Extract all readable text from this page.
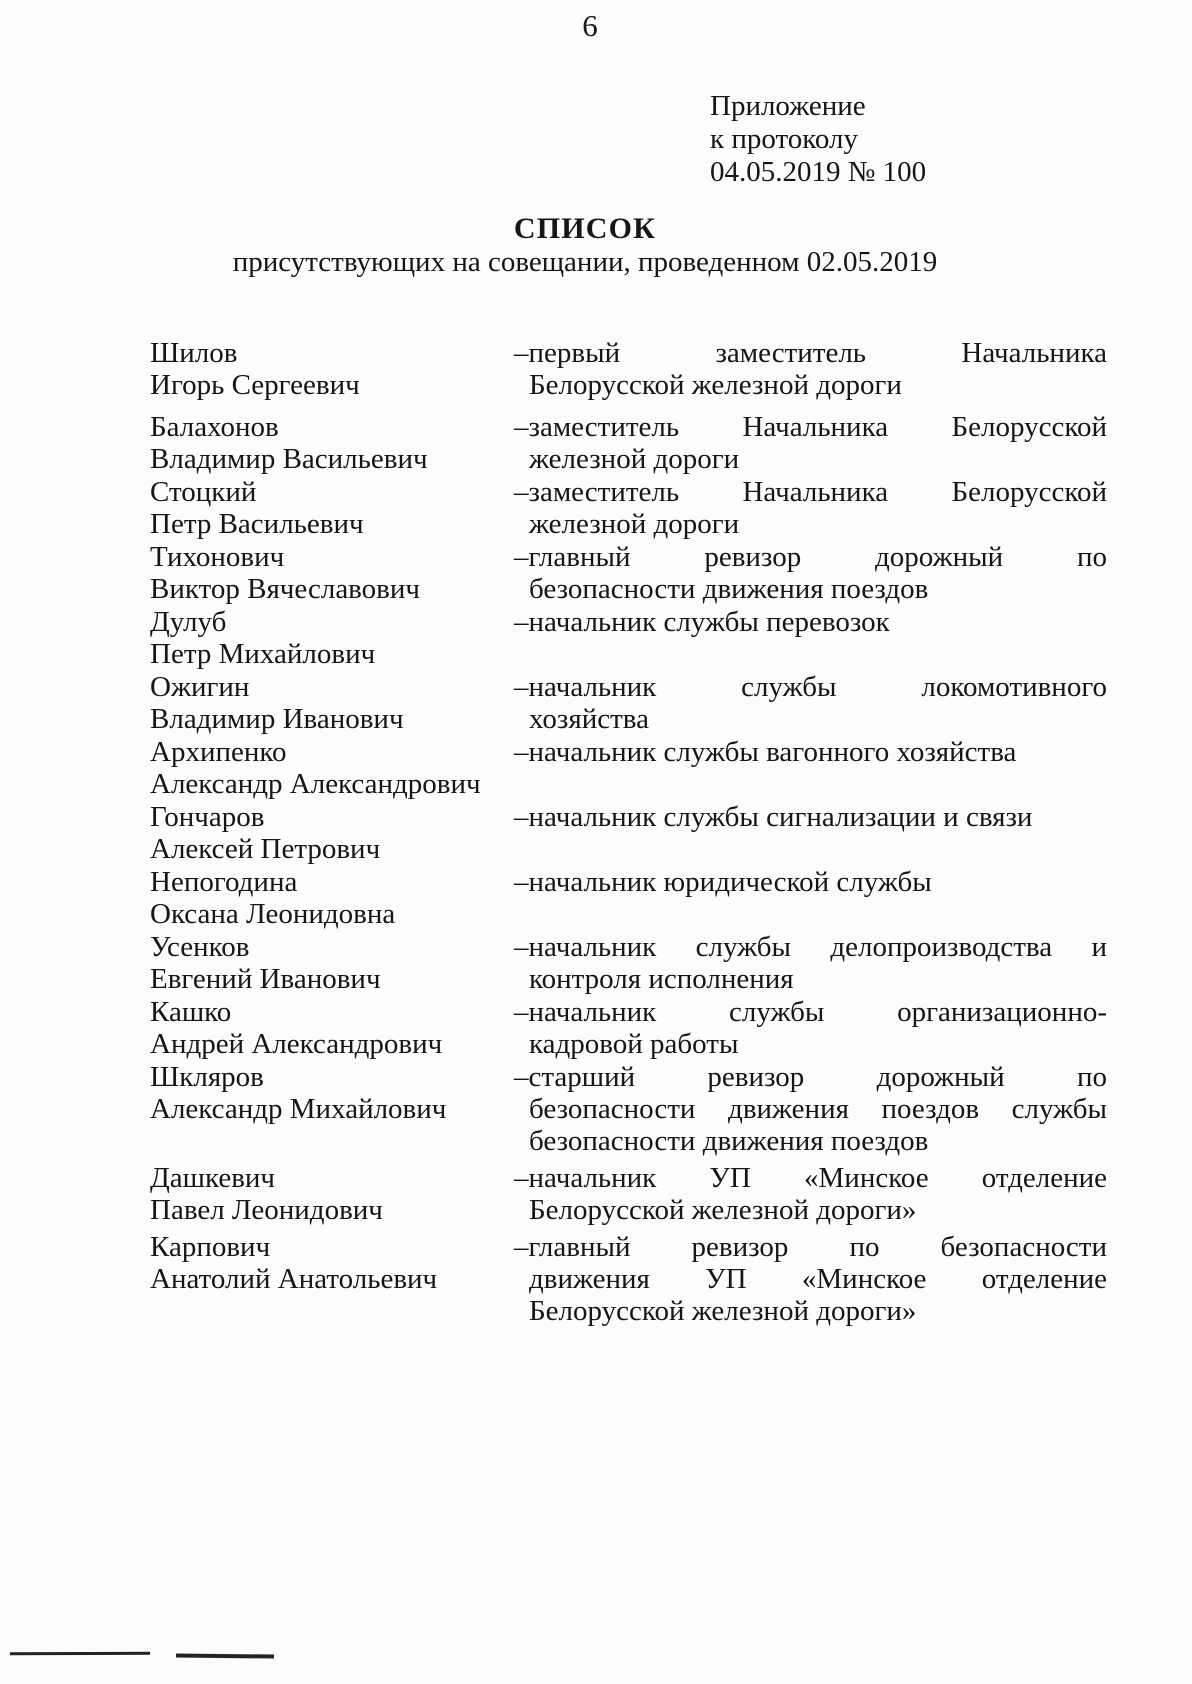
6
Приложение
к протоколу
04.05.2019 № 100
СПИСОК
присутствующих на совещании, проведенном 02.05.2019
Шилов
Игорь Сергеевич
–первый заместитель Начальника
Белорусской железной дороги
Балахонов
Владимир Васильевич
–заместитель Начальника Белорусской
железной дороги
Стоцкий
Петр Васильевич
–заместитель Начальника Белорусской
железной дороги
Тихонович
Виктор Вячеславович
–главный ревизор дорожный по
безопасности движения поездов
Дулуб
Петр Михайлович
–начальник службы перевозок
Ожигин
Владимир Иванович
–начальник службы локомотивного
хозяйства
Архипенко
Александр Александрович
–начальник службы вагонного хозяйства
Гончаров
Алексей Петрович
–начальник службы сигнализации и связи
Непогодина
Оксана Леонидовна
–начальник юридической службы
Усенков
Евгений Иванович
–начальник службы делопроизводства и
контроля исполнения
Кашко
Андрей Александрович
–начальник службы организационно-
кадровой работы
Шкляров
Александр Михайлович
–старший ревизор дорожный по
безопасности движения поездов службы
безопасности движения поездов
Дашкевич
Павел Леонидович
–начальник УП «Минское отделение
Белорусской железной дороги»
Карпович
Анатолий Анатольевич
–главный ревизор по безопасности
движения УП «Минское отделение
Белорусской железной дороги»
